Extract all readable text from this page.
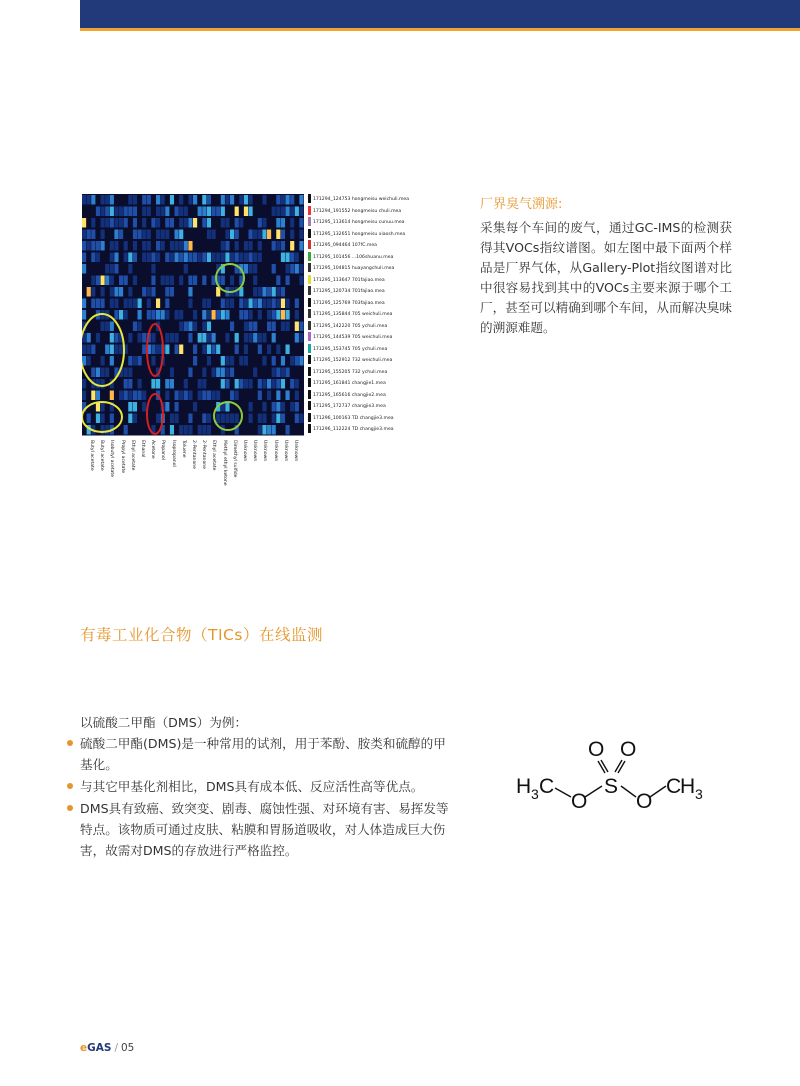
171294_124753 hongmeisu weichuli.mea
171294_191552 hongmeisu chuli.mea
171295_113614 hongmeisu cunuu.mea
171295_132651 hongmeisu xiaosh.mea
171295_094464 107fC.mea
171295_101456 ...106shuanu.mea
171295_104815 huayangchuli.mea
171295_113647 701fajiao.mea
171295_120734 701fajiao.mea
171295_125769 703fajiao.mea
171295_135844 705 weichuli.mea
171295_142220 705 ychuli.mea
171295_144539 705 weichuli.mea
171295_153745 705 ychuli.mea
171295_152912 732 weichuli.mea
171295_155205 732 ychuli.mea
171295_161841 changjie1.mea
171295_165616 changjie2.mea
171295_172737 changjie3.mea
171296_100163 TD changjie3.mea
171296_112224 TD changjie3.mea
Butyl acetate Butyl acetate Isobutyl acetate Propyl acetate Ethyl acetate Ethanol Acetone Propanol Isopropanol Toluene 2-Pentanone 2-Pentanone Ethyl acetate Methyl ethyl ketone Dimethyl sulfide Unknown Unknown Unknown Unknown Unknown Unknown

厂界臭气溯源:

采集每个车间的废气，通过GC-IMS的检测获得其VOCs指纹谱图。如左图中最下面两个样品是厂界气体，从Gallery-Plot指纹图谱对比中很容易找到其中的VOCs主要来源于哪个工厂，甚至可以精确到哪个车间，从而解决臭味的溯源难题。

有毒工业化合物（TICs）在线监测
以硫酸二甲酯（DMS）为例：
硫酸二甲酯(DMS)是一种常用的试剂，用于苯酚、胺类和硫醇的甲基化。
与其它甲基化剂相比，DMS具有成本低、反应活性高等优点。
DMS具有致癌、致突变、剧毒、腐蚀性强、对环境有害、易挥发等特点。该物质可通过皮肤、粘膜和胃肠道吸收，对人体造成巨大伤害，故需对DMS的存放进行严格监控。
H 3 C
O
S
O
C
H 3
O O
eGAS / 05
